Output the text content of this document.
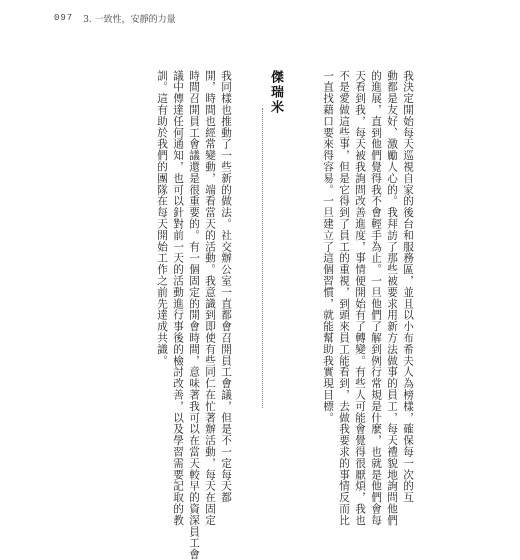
097 3. 一致性，安靜的力量
我決定開始每天巡視自家的後台和服務區，並且以小布希夫人為榜樣，確保每一次的互
動都是友好、激勵人心的。我拜訪了那些被要求用新方法做事的員工，每天禮貌地詢問他們
的進展，直到他們覺得我不會輕手為止。一旦他們了解到例行常規是什麼，也就是他們會每
天看到我，每天被我詢問改善進度，事情便開始有了轉變。有些人可能會覺得很厭煩，我也
不是愛做這些事，但是它得到了員工的重視，到頭來員工能看到，去做我要求的事情反而比
一直找藉口要來得容易。一旦建立了這個習慣，就能幫助我實現目標。
傑瑞米
我同樣也推動了一些新的做法。社交辦公室一直都會召開員工會議，但是不一定每天都
開，時間也經常變動，端看當天的活動。我意識到即使有些同仁在忙著辦活動，每天在固定
時間召開員工會議還是很重要的。有一個固定的開會時間，意味著我可以在當天較早的資深員工會
議中傳達任何通知，也可以針對前一天的活動進行事後的檢討改善，以及學習需要記取的教
訓。這有助於我們的團隊在每天開始工作之前先達成共識。
